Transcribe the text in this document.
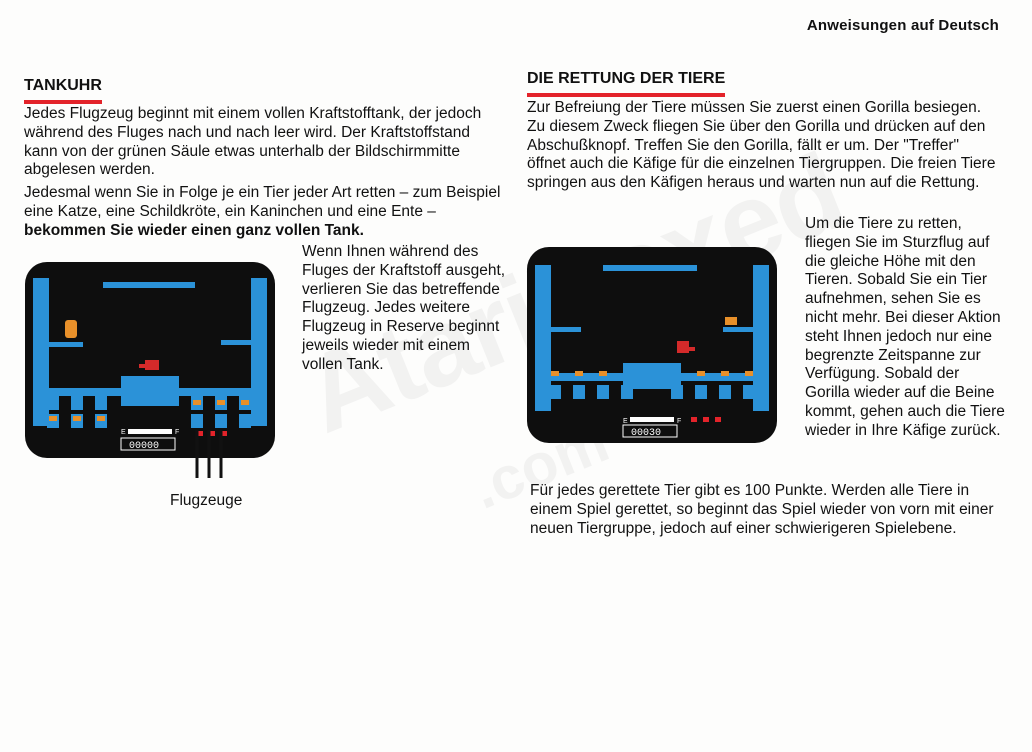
Anweisungen auf Deutsch
TANKUHR

Jedes Flugzeug beginnt mit einem vollen Kraftstofftank, der jedoch während des Fluges nach und nach leer wird. Der Kraftstoffstand kann von der grünen Säule etwas unterhalb der Bildschirmmitte abgelesen werden.

Jedesmal wenn Sie in Folge je ein Tier jeder Art retten – zum Beispiel eine Katze, eine Schildkröte, ein Kaninchen und eine Ente – bekommen Sie wieder einen ganz vollen Tank.

Wenn Ihnen während des Fluges der Kraftstoff ausgeht, verlieren Sie das betreffende Flugzeug. Jedes weitere Flugzeug in Reserve beginnt jeweils wieder mit einem vollen Tank.

E	F
00000
Flugzeuge
DIE RETTUNG DER TIERE

Zur Befreiung der Tiere müssen Sie zuerst einen Gorilla besiegen. Zu diesem Zweck fliegen Sie über den Gorilla und drücken auf den Abschußknopf. Treffen Sie den Gorilla, fällt er um. Der "Treffer" öffnet auch die Käfige für die einzelnen Tiergruppen. Die freien Tiere springen aus den Käfigen heraus und warten nun auf die Rettung.

Um die Tiere zu retten, fliegen Sie im Sturzflug auf die gleiche Höhe mit den Tieren. Sobald Sie ein Tier aufnehmen, sehen Sie es nicht mehr. Bei dieser Aktion steht Ihnen jedoch nur eine begrenzte Zeitspanne zur Verfügung. Sobald der Gorilla wieder auf die Beine kommt, gehen auch die Tiere wieder in Ihre Käfige zurück.

Für jedes gerettete Tier gibt es 100 Punkte. Werden alle Tiere in einem Spiel gerettet, so beginnt das Spiel wieder von vorn mit einer neuen Tiergruppe, jedoch auf einer schwierigeren Spielebene.

E	F
00030
